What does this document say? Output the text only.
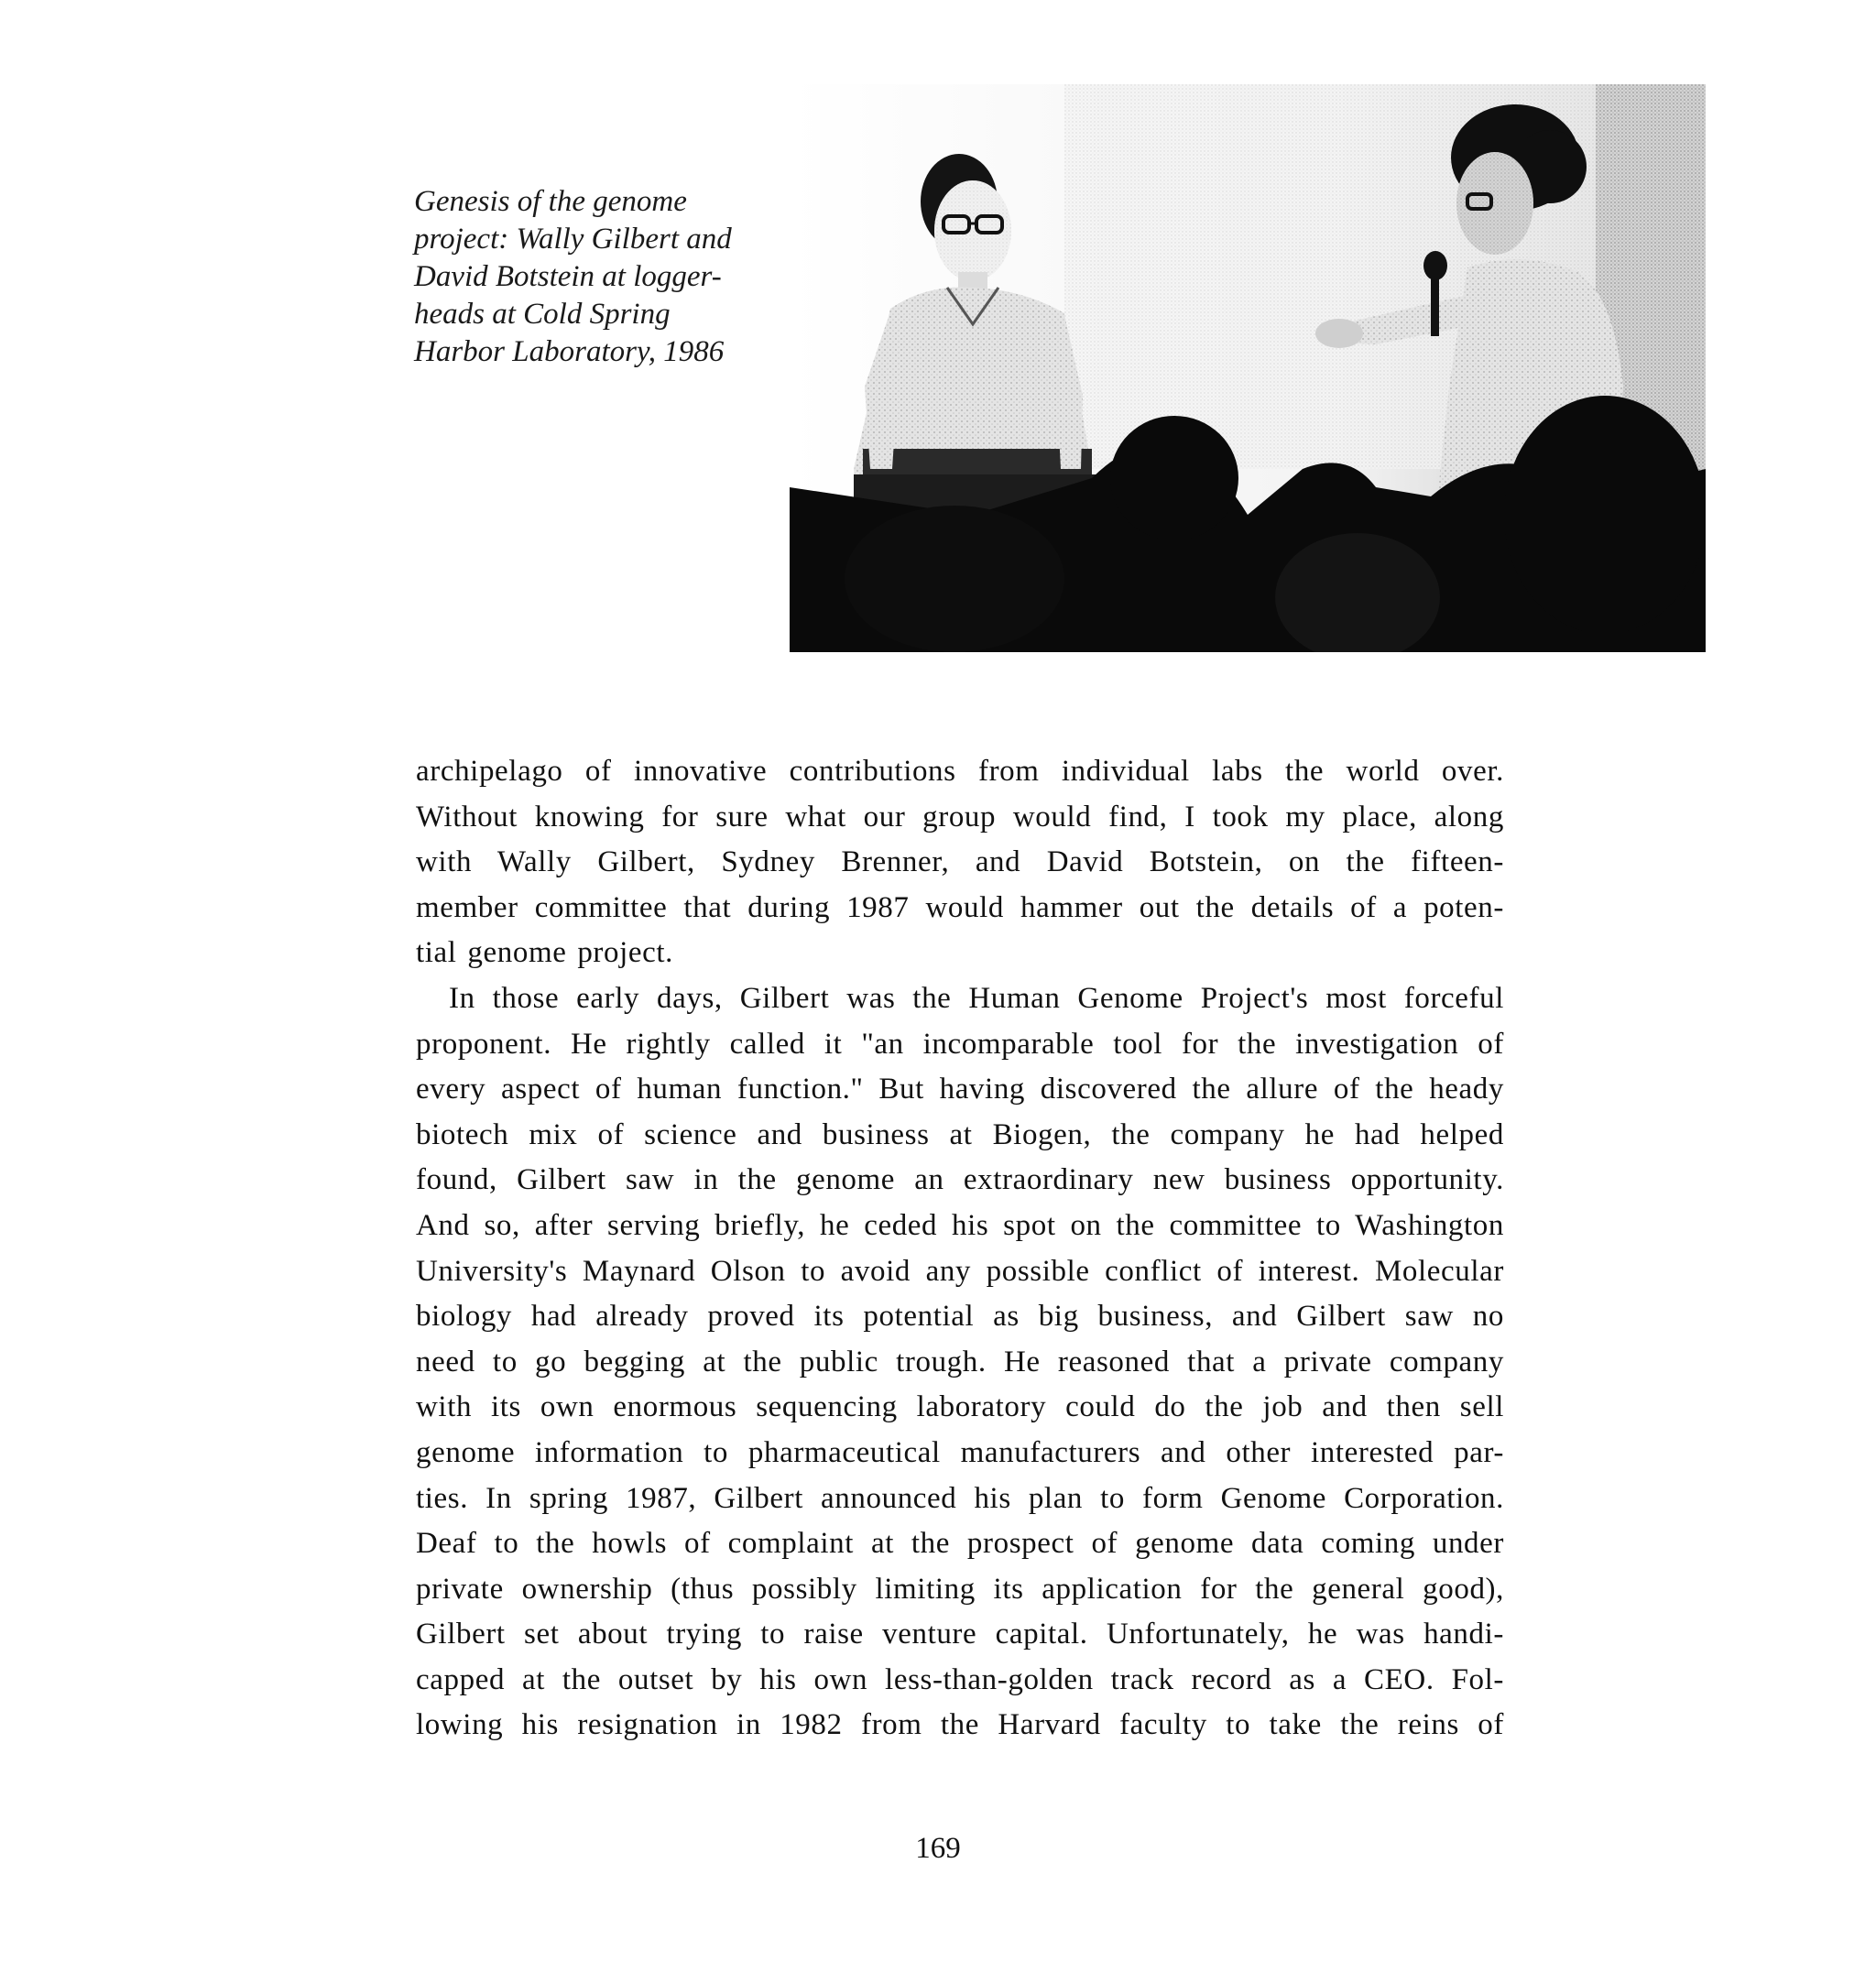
Genesis of the genome
project: Wally Gilbert and
David Botstein at logger-
heads at Cold Spring
Harbor Laboratory, 1986
archipelago of innovative contributions from individual labs the world over.
Without knowing for sure what our group would find, I took my place, along
with Wally Gilbert, Sydney Brenner, and David Botstein, on the fifteen-
member committee that during 1987 would hammer out the details of a poten-
tial genome project.
In those early days, Gilbert was the Human Genome Project's most forceful
proponent. He rightly called it "an incomparable tool for the investigation of
every aspect of human function." But having discovered the allure of the heady
biotech mix of science and business at Biogen, the company he had helped
found, Gilbert saw in the genome an extraordinary new business opportunity.
And so, after serving briefly, he ceded his spot on the committee to Washington
University's Maynard Olson to avoid any possible conflict of interest. Molecular
biology had already proved its potential as big business, and Gilbert saw no
need to go begging at the public trough. He reasoned that a private company
with its own enormous sequencing laboratory could do the job and then sell
genome information to pharmaceutical manufacturers and other interested par-
ties. In spring 1987, Gilbert announced his plan to form Genome Corporation.
Deaf to the howls of complaint at the prospect of genome data coming under
private ownership (thus possibly limiting its application for the general good),
Gilbert set about trying to raise venture capital. Unfortunately, he was handi-
capped at the outset by his own less-than-golden track record as a CEO. Fol-
lowing his resignation in 1982 from the Harvard faculty to take the reins of
169
